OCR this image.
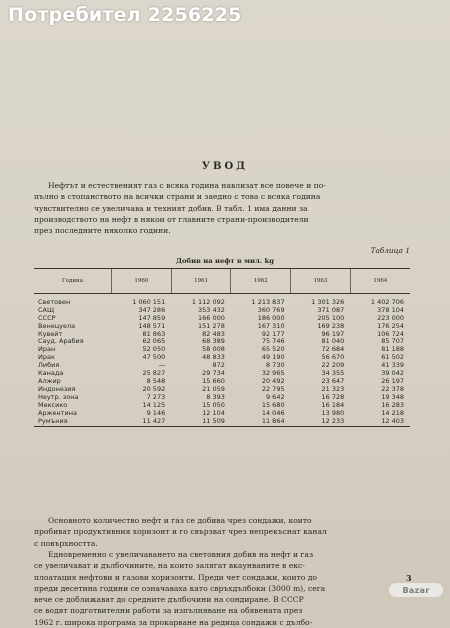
Потребител 2256225
УВОД
Нефтът и естественият газ с всяка година навлизат все повече и по-
пълно в стопанството на всички страни и заедно с това с всяка година
чувствително се увеличава и техният добив. В табл. 1 има данни за
производството на нефт в някои от главните страни-производители
през последните няколко години.
Таблица 1
Добив на нефт в мил. kg
Година	1960	1961	1962	1963	1964
Световен	1 060 151	1 112 092	1 213 837	1 301 326	1 402 706
САЩ	347 286	353 432	360 769	371 087	378 104
СССР	147 859	166 000	186 000	205 100	223 000
Венецуела	148 571	151 278	167 310	169 238	176 254
Кувейт	81 863	82 483	92 177	96 197	106 724
Сауд. Арабия	62 065	68 389	75 746	81 040	85 707
Иран	52 050	58 008	65 520	72 684	81 188
Ирак	47 500	48 833	49 190	56 670	61 502
Либия	—	872	8 730	22 209	41 339
Канада	25 827	29 734	32 965	34 355	39 042
Алжир	8 548	15 660	20 492	23 647	26 197
Индонезия	20 592	21 059	22 795	21 323	22 378
Неутр. зона	7 273	8 393	9 642	16 728	19 348
Мексико	14 125	15 050	15 680	16 184	16 283
Аржентина	9 146	12 104	14 046	13 980	14 218
Румъния	11 427	11 509	11 864	12 233	12 403
Основното количество нефт и газ се добива чрез сондажи, които
пробиват продуктивния хоризонт и го свързват чрез непрекъснат канал
с повърхността.
Едновременно с увеличаването на световния добив на нефт и газ
се увеличават и дълбочините, на които залягат вкаунваните в екс-
плоатация нефтови и газови хоризонти. Преди чет сондажи, които до
преди десетина години се означаваха като свръхдълбоки (3000 m), сега
вече се доближават до средните дълбочини на сондиране. В СССР
се водят подготвителни работи за изпълняване на обявената през
1962 г. широка програма за прокарване на редица сондажи с дълбо-
3
Bazar
